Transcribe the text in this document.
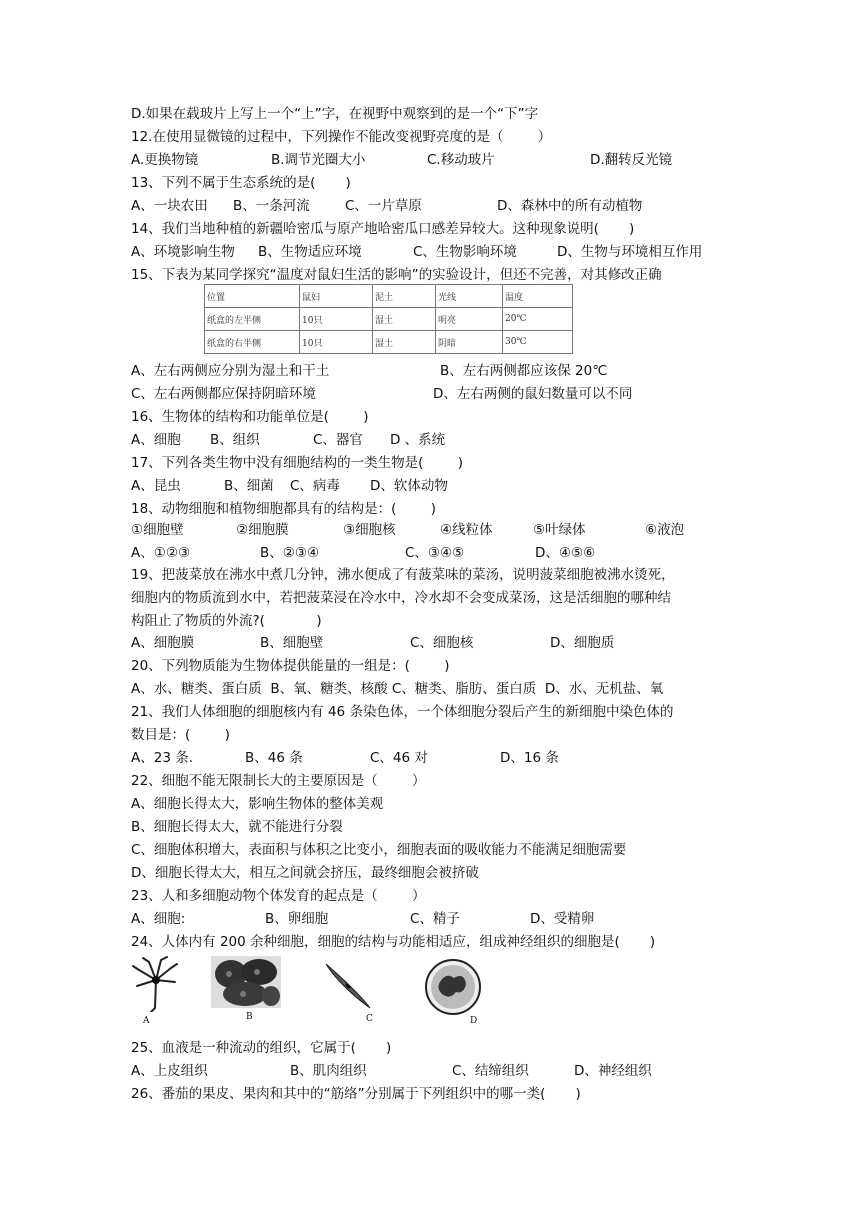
D.如果在载玻片上写上一个“上”字，在视野中观察到的是一个“下”字
12.在使用显微镜的过程中，下列操作不能改变视野亮度的是（        ）
A.更换物镜	B.调节光圈大小	C.移动玻片	D.翻转反光镜
13、下列不属于生态系统的是(       )
A、一块农田 B、一条河流	C、一片草原	D、森林中的所有动植物
14、我们当地种植的新疆哈密瓜与原产地哈密瓜口感差异较大。这种现象说明(       )
A、环境影响生物 B、生物适应环境	C、生物影响环境	D、生物与环境相互作用
15、下表为某同学探究“温度对鼠妇生活的影响”的实验设计，但还不完善，对其修改正确
位置	鼠妇	泥土	光线	温度
纸盒的左半侧	10只	湿土	明亮	20℃
纸盒的右半侧	10只	湿土	阴暗	30℃
A、左右两侧应分别为湿土和干土	B、左右两侧都应该保 20℃
C、左右两侧都应保持阴暗环境	D、左右两侧的鼠妇数量可以不同
16、生物体的结构和功能单位是(        )
A、细胞 B、组织	C、器官 D 、系统
17、下列各类生物中没有细胞结构的一类生物是(        )
A、昆虫	B、细菌 C、病毒 D、软体动物
18、动物细胞和植物细胞都具有的结构是：(        )
①细胞壁	②细胞膜	③细胞核	④线粒体	⑤叶绿体	⑥液泡
A、①②③	B、②③④	C、③④⑤	D、④⑤⑥
19、把菠菜放在沸水中煮几分钟，沸水便成了有菠菜味的菜汤，说明菠菜细胞被沸水烫死，
细胞内的物质流到水中，若把菠菜浸在冷水中，冷水却不会变成菜汤，这是活细胞的哪种结
构阻止了物质的外流?(            )
A、细胞膜	B、细胞壁	C、细胞核	D、细胞质
20、下列物质能为生物体提供能量的一组是：(        )
A、水、糖类、蛋白质  B、氧、糖类、核酸 C、糖类、脂肪、蛋白质  D、水、无机盐、氧
21、我们人体细胞的细胞核内有 46 条染色体，一个体细胞分裂后产生的新细胞中染色体的
数目是：(        )
A、23 条.	B、46 条	C、46 对	D、16 条
22、细胞不能无限制长大的主要原因是（        ）
A、细胞长得太大，影响生物体的整体美观
B、细胞长得太大，就不能进行分裂
C、细胞体积增大，表面积与体积之比变小，细胞表面的吸收能力不能满足细胞需要
D、细胞长得太大，相互之间就会挤压，最终细胞会被挤破
23、人和多细胞动物个体发育的起点是（        ）
A、细胞:	B、卵细胞	C、精子	D、受精卵
24、人体内有 200 余种细胞，细胞的结构与功能相适应，组成神经组织的细胞是(       )
A	B	C	D
25、血液是一种流动的组织，它属于(       )
A、上皮组织	B、肌肉组织	C、结缔组织	D、神经组织
26、番茄的果皮、果肉和其中的“筋络”分别属于下列组织中的哪一类(       )
